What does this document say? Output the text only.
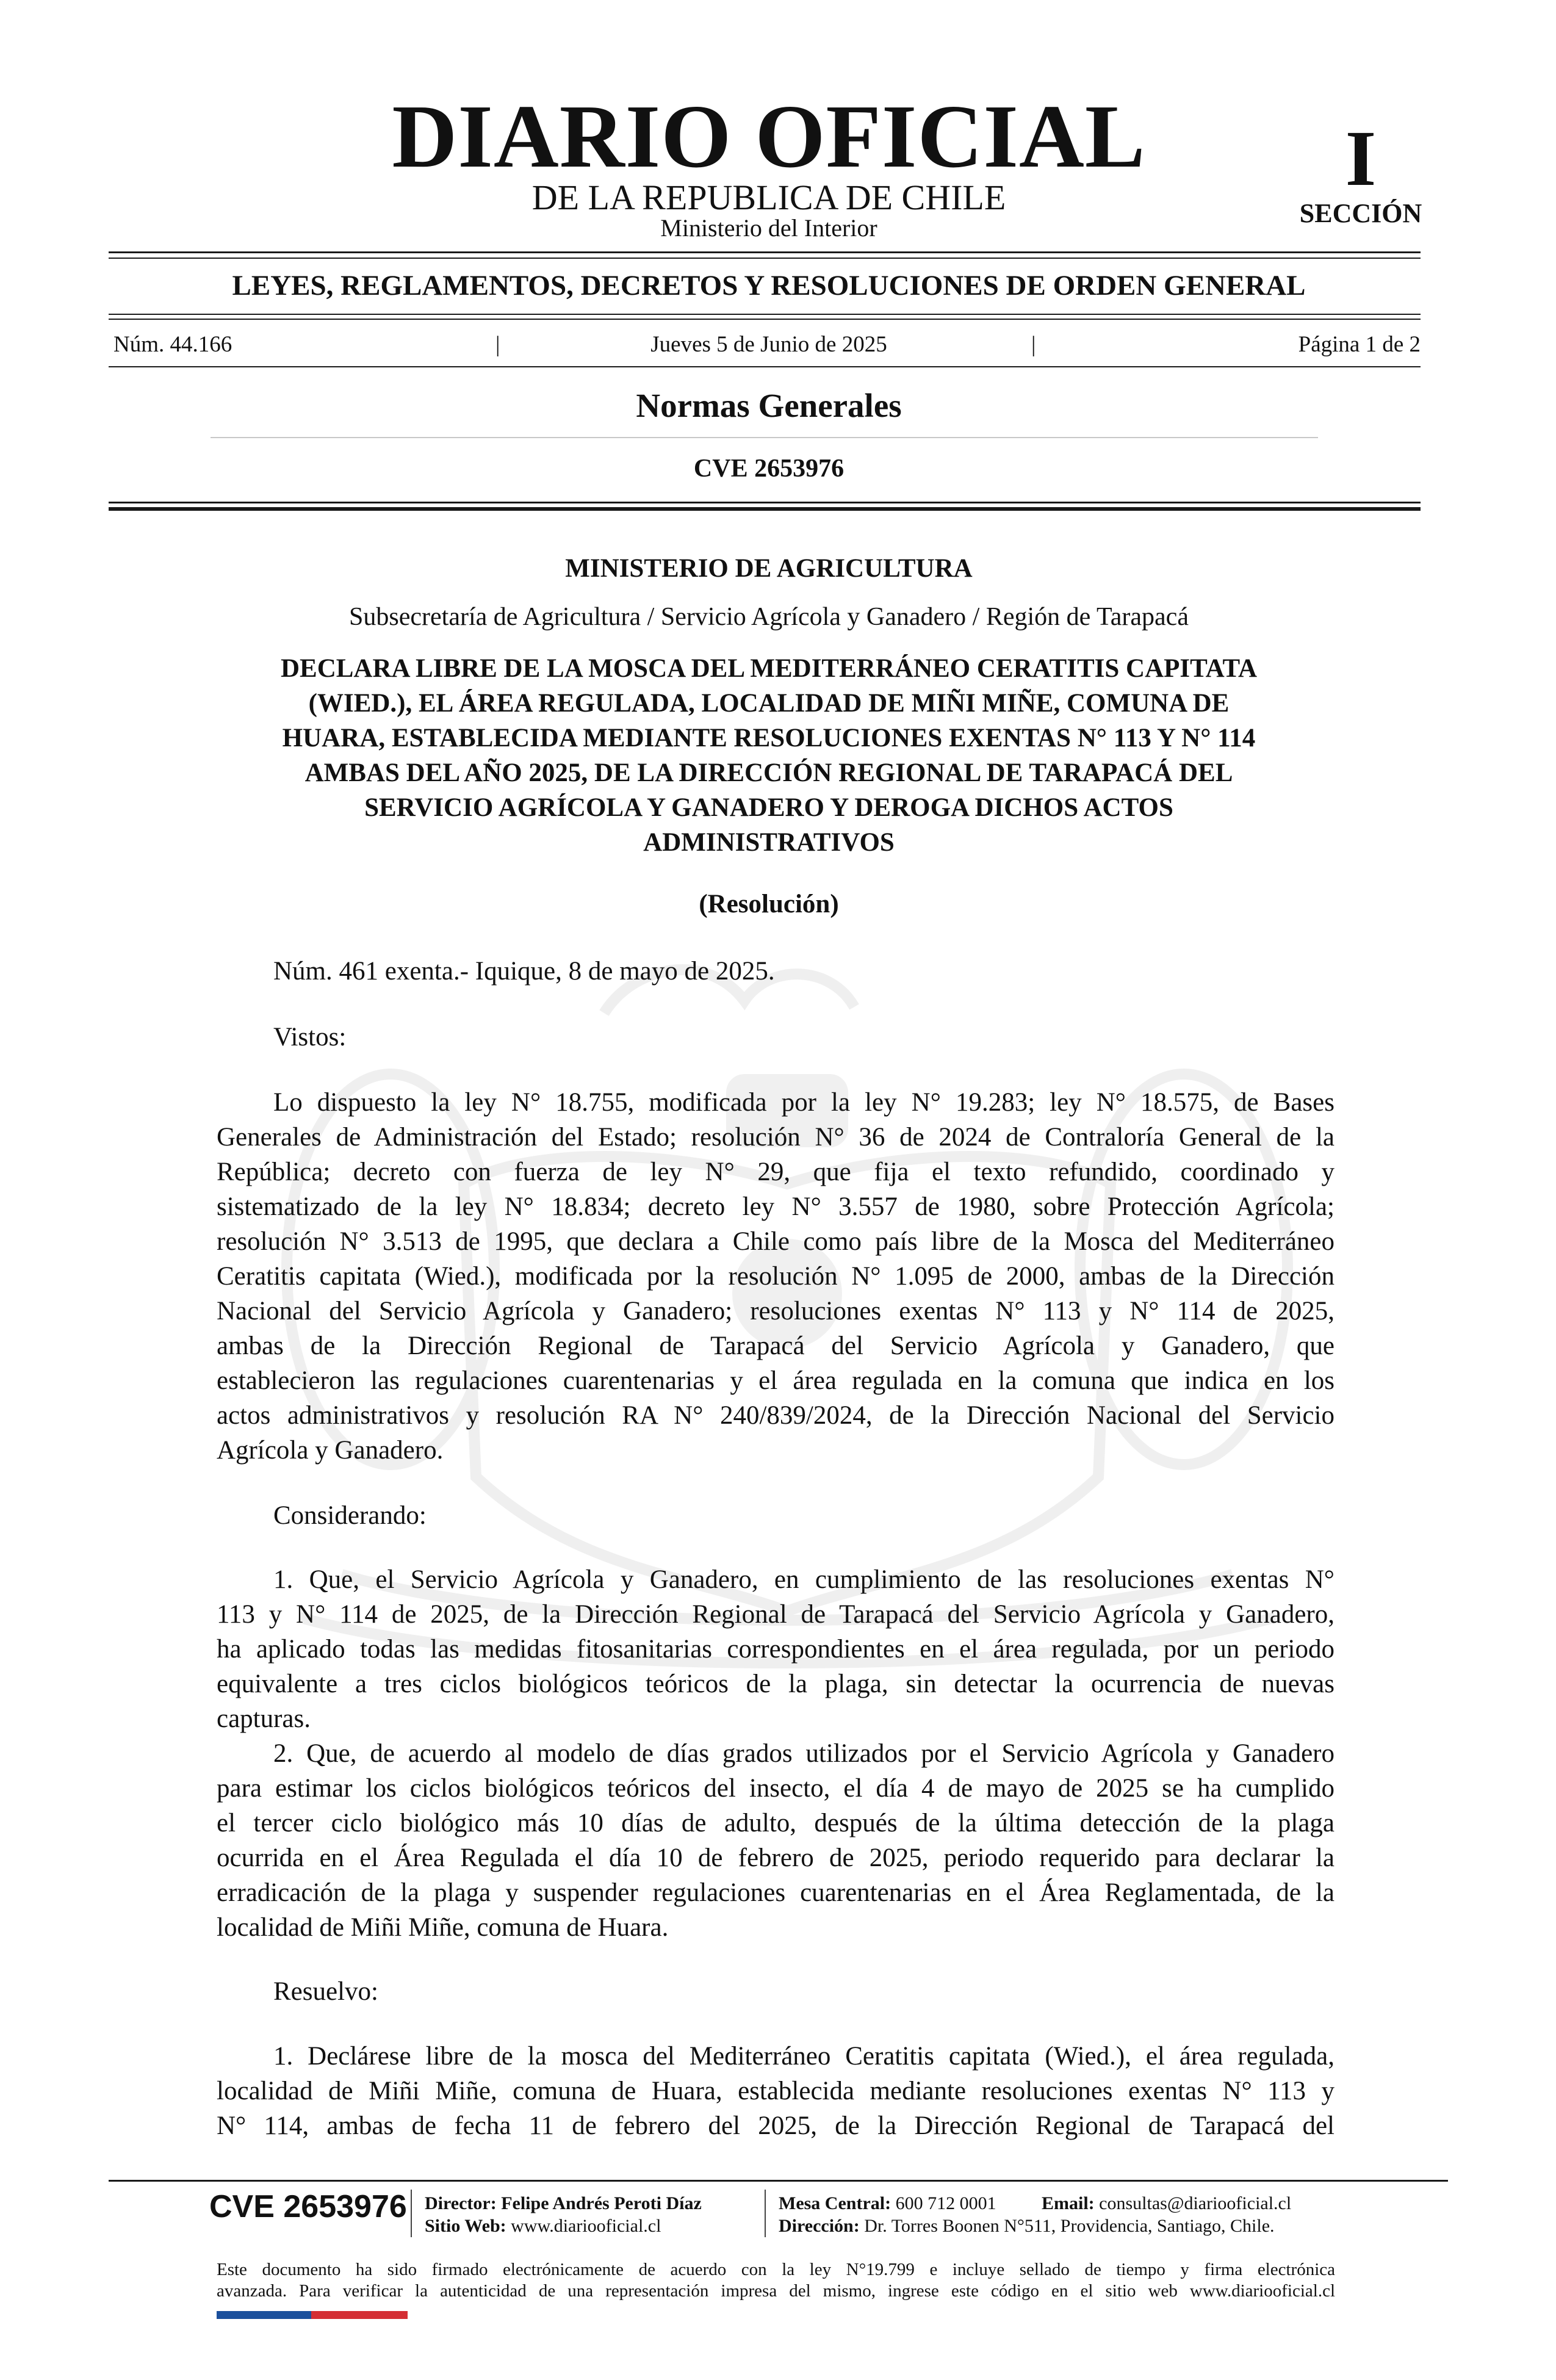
DIARIO OFICIAL
DE LA REPUBLICA DE CHILE
Ministerio del Interior
I
SECCIÓN
LEYES, REGLAMENTOS, DECRETOS Y RESOLUCIONES DE ORDEN GENERAL
Núm. 44.166	|	Jueves 5 de Junio de 2025	|	Página 1 de 2
Normas Generales
CVE 2653976
MINISTERIO DE AGRICULTURA
Subsecretaría de Agricultura / Servicio Agrícola y Ganadero / Región de Tarapacá
DECLARA LIBRE DE LA MOSCA DEL MEDITERRÁNEO CERATITIS CAPITATA
(WIED.), EL ÁREA REGULADA, LOCALIDAD DE MIÑI MIÑE, COMUNA DE
HUARA, ESTABLECIDA MEDIANTE RESOLUCIONES EXENTAS N° 113 Y N° 114
AMBAS DEL AÑO 2025, DE LA DIRECCIÓN REGIONAL DE TARAPACÁ DEL
SERVICIO AGRÍCOLA Y GANADERO Y DEROGA DICHOS ACTOS
ADMINISTRATIVOS
(Resolución)
Núm. 461 exenta.- Iquique, 8 de mayo de 2025.
Vistos:
Lo dispuesto la ley N° 18.755, modificada por la ley N° 19.283; ley N° 18.575, de Bases
Generales de Administración del Estado; resolución N° 36 de 2024 de Contraloría General de la
República; decreto con fuerza de ley N° 29, que fija el texto refundido, coordinado y
sistematizado de la ley N° 18.834; decreto ley N° 3.557 de 1980, sobre Protección Agrícola;
resolución N° 3.513 de 1995, que declara a Chile como país libre de la Mosca del Mediterráneo
Ceratitis capitata (Wied.), modificada por la resolución N° 1.095 de 2000, ambas de la Dirección
Nacional del Servicio Agrícola y Ganadero; resoluciones exentas N° 113 y N° 114 de 2025,
ambas de la Dirección Regional de Tarapacá del Servicio Agrícola y Ganadero, que
establecieron las regulaciones cuarentenarias y el área regulada en la comuna que indica en los
actos administrativos y resolución RA N° 240/839/2024, de la Dirección Nacional del Servicio
Agrícola y Ganadero.
Considerando:
1. Que, el Servicio Agrícola y Ganadero, en cumplimiento de las resoluciones exentas N°
113 y N° 114 de 2025, de la Dirección Regional de Tarapacá del Servicio Agrícola y Ganadero,
ha aplicado todas las medidas fitosanitarias correspondientes en el área regulada, por un periodo
equivalente a tres ciclos biológicos teóricos de la plaga, sin detectar la ocurrencia de nuevas
capturas.
2. Que, de acuerdo al modelo de días grados utilizados por el Servicio Agrícola y Ganadero
para estimar los ciclos biológicos teóricos del insecto, el día 4 de mayo de 2025 se ha cumplido
el tercer ciclo biológico más 10 días de adulto, después de la última detección de la plaga
ocurrida en el Área Regulada el día 10 de febrero de 2025, periodo requerido para declarar la
erradicación de la plaga y suspender regulaciones cuarentenarias en el Área Reglamentada, de la
localidad de Miñi Miñe, comuna de Huara.
Resuelvo:
1. Declárese libre de la mosca del Mediterráneo Ceratitis capitata (Wied.), el área regulada,
localidad de Miñi Miñe, comuna de Huara, establecida mediante resoluciones exentas N° 113 y
N° 114, ambas de fecha 11 de febrero del 2025, de la Dirección Regional de Tarapacá del
CVE 2653976 Director: Felipe Andrés Peroti Díaz
Sitio Web: www.diariooficial.cl
Mesa Central: 600 712 0001 Email: consultas@diariooficial.cl
Dirección: Dr. Torres Boonen N°511, Providencia, Santiago, Chile.
Este documento ha sido firmado electrónicamente de acuerdo con la ley N°19.799 e incluye sellado de tiempo y firma electrónica
avanzada. Para verificar la autenticidad de una representación impresa del mismo, ingrese este código en el sitio web www.diariooficial.cl
